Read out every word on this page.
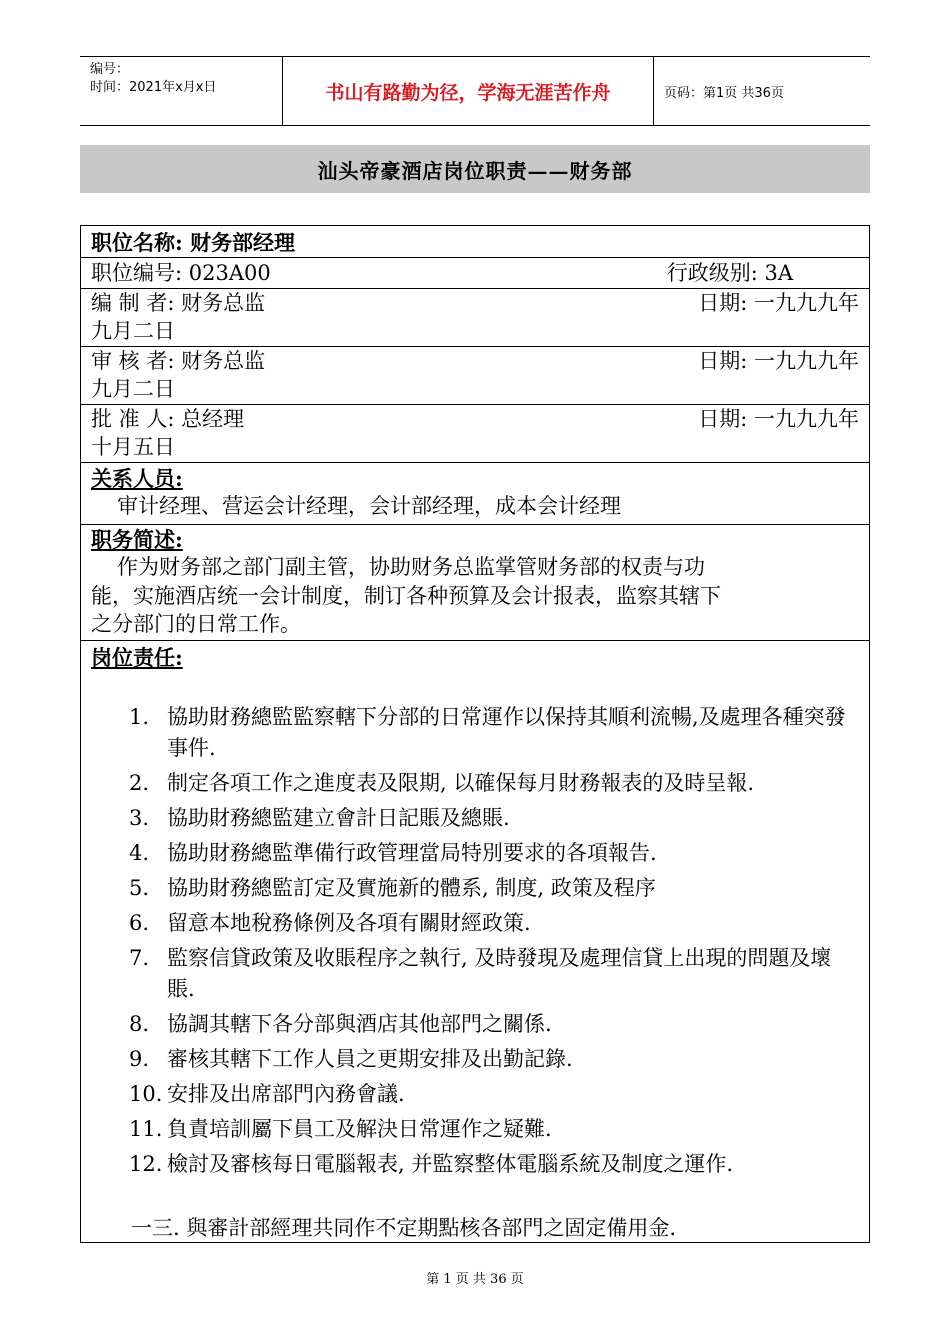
编号：
时间：2021年x月x日	书山有路勤为径，学海无涯苦作舟	页码：第1页 共36页
汕头帝豪酒店岗位职责——财务部
职位名称: 财务部经理
职位编号: 023A00	行政级别: 3A
编 制 者: 财务总监	日期: 一九九九年
九月二日
审 核 者: 财务总监	日期: 一九九九年
九月二日
批 准 人: 总经理	日期: 一九九九年
十月五日
关系人员:
审计经理、营运会计经理，会计部经理，成本会计经理
职务简述:
作为财务部之部门副主管，协助财务总监掌管财务部的权责与功
能，实施酒店统一会计制度，制订各种预算及会计报表，监察其辖下
之分部门的日常工作。
岗位责任:
1. 協助財務總監監察轄下分部的日常運作以保持其順利流暢,及處理各種突發事件.
2. 制定各項工作之進度表及限期, 以確保每月財務報表的及時呈報.
3. 協助財務總監建立會計日記賬及總賬.
4. 協助財務總監準備行政管理當局特別要求的各項報告.
5. 協助財務總監訂定及實施新的體系, 制度, 政策及程序
6. 留意本地稅務條例及各項有關財經政策.
7. 監察信貸政策及收賬程序之執行, 及時發現及處理信貸上出現的問題及壞賬.
8. 協調其轄下各分部與酒店其他部門之關係.
9. 審核其轄下工作人員之更期安排及出勤記錄.
10. 安排及出席部門內務會議.
11. 負責培訓屬下員工及解決日常運作之疑難.
12. 檢討及審核每日電腦報表, 并監察整体電腦系統及制度之運作.
一三. 與審計部經理共同作不定期點核各部門之固定備用金.
第 1 页 共 36 页
